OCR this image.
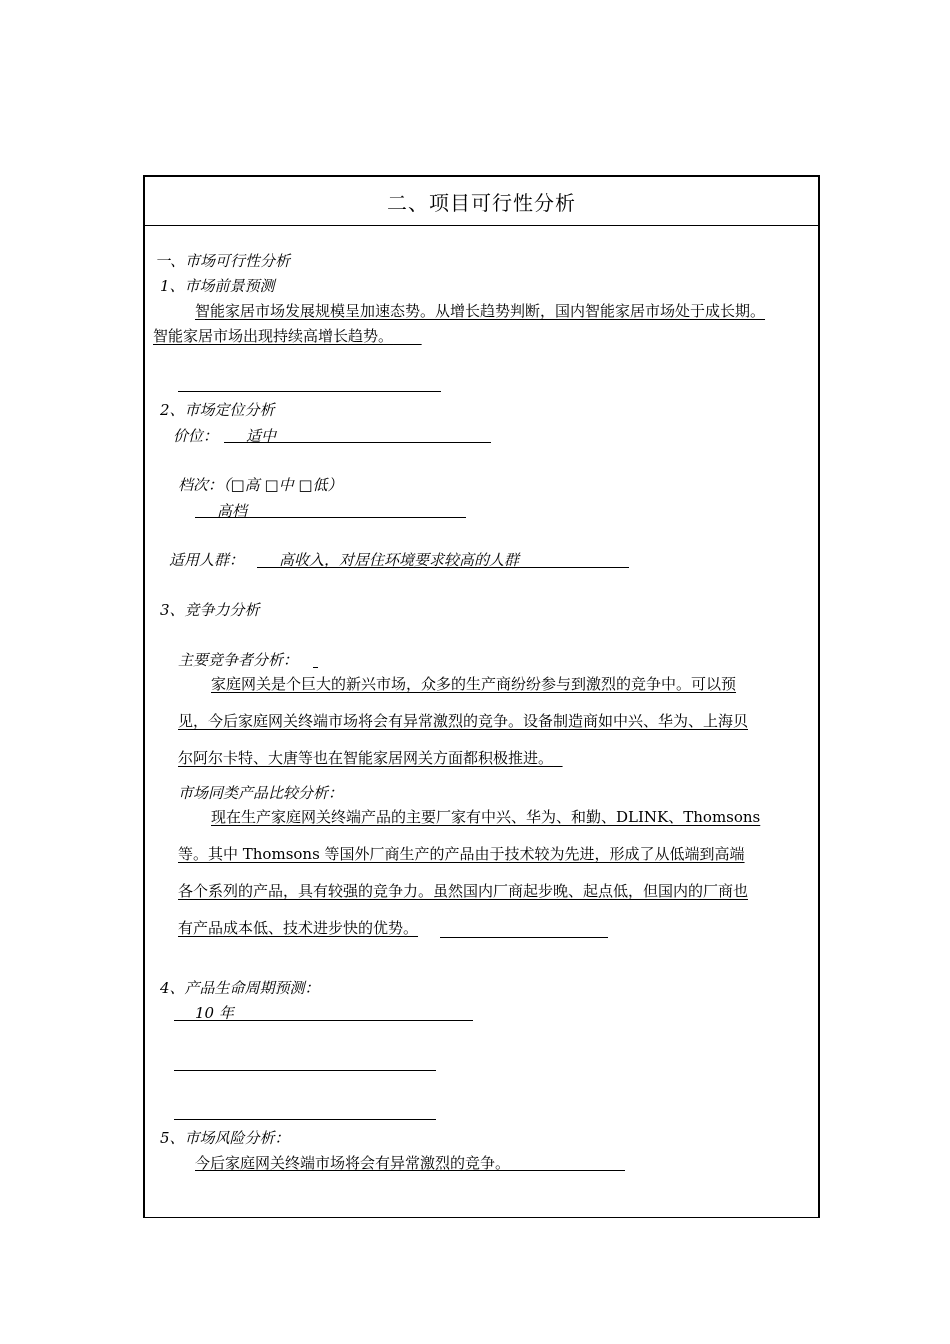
二、项目可行性分析
一、市场可行性分析
1、市场前景预测
智能家居市场发展规模呈加速态势。从增长趋势判断，国内智能家居市场处于成长期。
智能家居市场出现持续高增长趋势。
2、市场定位分析
价位： 适中
档次：（□高 □中 □低）
高档
适用人群： 高收入，对居住环境要求较高的人群
3、竞争力分析
主要竞争者分析：
家庭网关是个巨大的新兴市场，众多的生产商纷纷参与到激烈的竞争中。可以预
见，今后家庭网关终端市场将会有异常激烈的竞争。设备制造商如中兴、华为、上海贝
尔阿尔卡特、大唐等也在智能家居网关方面都积极推进。
市场同类产品比较分析：
现在生产家庭网关终端产品的主要厂家有中兴、华为、和勤、DLINK、Thomsons
等。其中 Thomsons 等国外厂商生产的产品由于技术较为先进，形成了从低端到高端
各个系列的产品，具有较强的竞争力。虽然国内厂商起步晚、起点低，但国内的厂商也
有产品成本低、技术进步快的优势。
4、产品生命周期预测：
10 年
5、市场风险分析：
今后家庭网关终端市场将会有异常激烈的竞争。
